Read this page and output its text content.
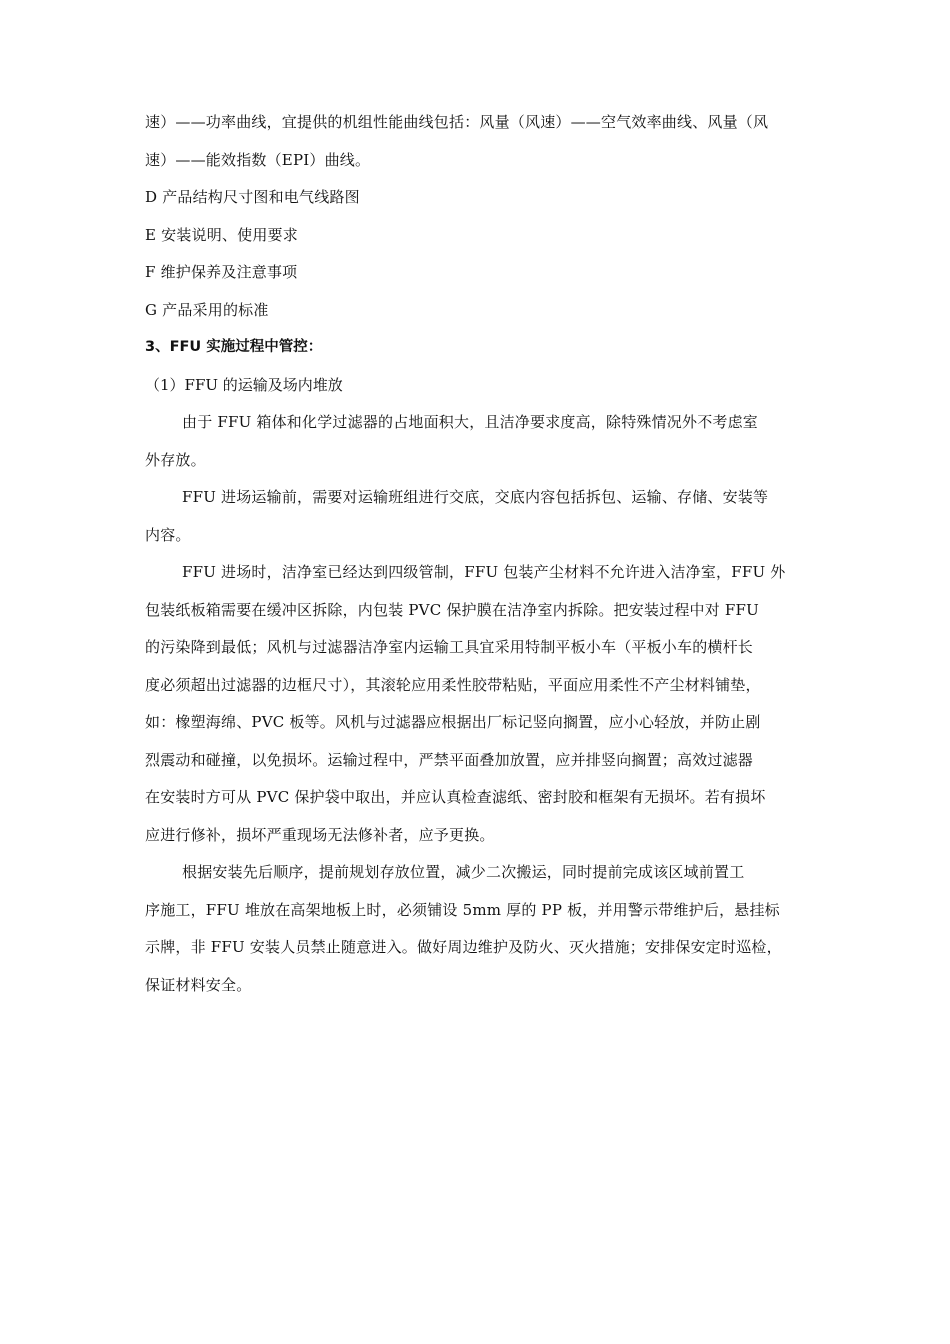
速）——功率曲线，宜提供的机组性能曲线包括：风量（风速）——空气效率曲线、风量（风
速）——能效指数（EPI）曲线。

D 产品结构尺寸图和电气线路图

E 安装说明、使用要求

F 维护保养及注意事项

G 产品采用的标准

3、FFU 实施过程中管控：

（1）FFU 的运输及场内堆放

由于 FFU 箱体和化学过滤器的占地面积大，且洁净要求度高，除特殊情况外不考虑室
外存放。

FFU 进场运输前，需要对运输班组进行交底，交底内容包括拆包、运输、存储、安装等
内容。

FFU 进场时，洁净室已经达到四级管制，FFU 包装产尘材料不允许进入洁净室，FFU 外
包装纸板箱需要在缓冲区拆除，内包装 PVC 保护膜在洁净室内拆除。把安装过程中对 FFU
的污染降到最低；风机与过滤器洁净室内运输工具宜采用特制平板小车（平板小车的横杆长
度必须超出过滤器的边框尺寸），其滚轮应用柔性胶带粘贴，平面应用柔性不产尘材料铺垫，
如：橡塑海绵、PVC 板等。风机与过滤器应根据出厂标记竖向搁置，应小心轻放，并防止剧
烈震动和碰撞，以免损坏。运输过程中，严禁平面叠加放置，应并排竖向搁置；高效过滤器
在安装时方可从 PVC 保护袋中取出，并应认真检查滤纸、密封胶和框架有无损坏。若有损坏
应进行修补，损坏严重现场无法修补者，应予更换。

根据安装先后顺序，提前规划存放位置，减少二次搬运，同时提前完成该区域前置工
序施工，FFU 堆放在高架地板上时，必须铺设 5mm 厚的 PP 板，并用警示带维护后，悬挂标
示牌，非 FFU 安装人员禁止随意进入。做好周边维护及防火、灭火措施；安排保安定时巡检，
保证材料安全。
